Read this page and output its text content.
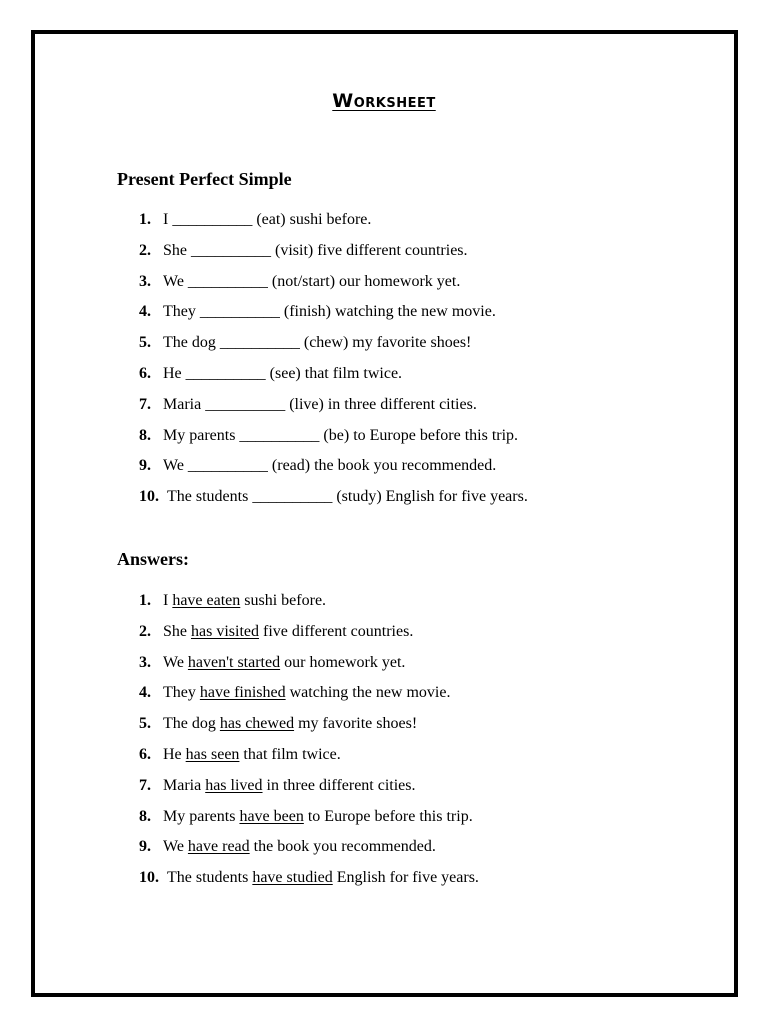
Worksheet
Present Perfect Simple
1. I __________ (eat) sushi before.
2. She __________ (visit) five different countries.
3. We __________ (not/start) our homework yet.
4. They __________ (finish) watching the new movie.
5. The dog __________ (chew) my favorite shoes!
6. He __________ (see) that film twice.
7. Maria __________ (live) in three different cities.
8. My parents __________ (be) to Europe before this trip.
9. We __________ (read) the book you recommended.
10. The students __________ (study) English for five years.
Answers:
1. I have eaten sushi before.
2. She has visited five different countries.
3. We haven't started our homework yet.
4. They have finished watching the new movie.
5. The dog has chewed my favorite shoes!
6. He has seen that film twice.
7. Maria has lived in three different cities.
8. My parents have been to Europe before this trip.
9. We have read the book you recommended.
10. The students have studied English for five years.
